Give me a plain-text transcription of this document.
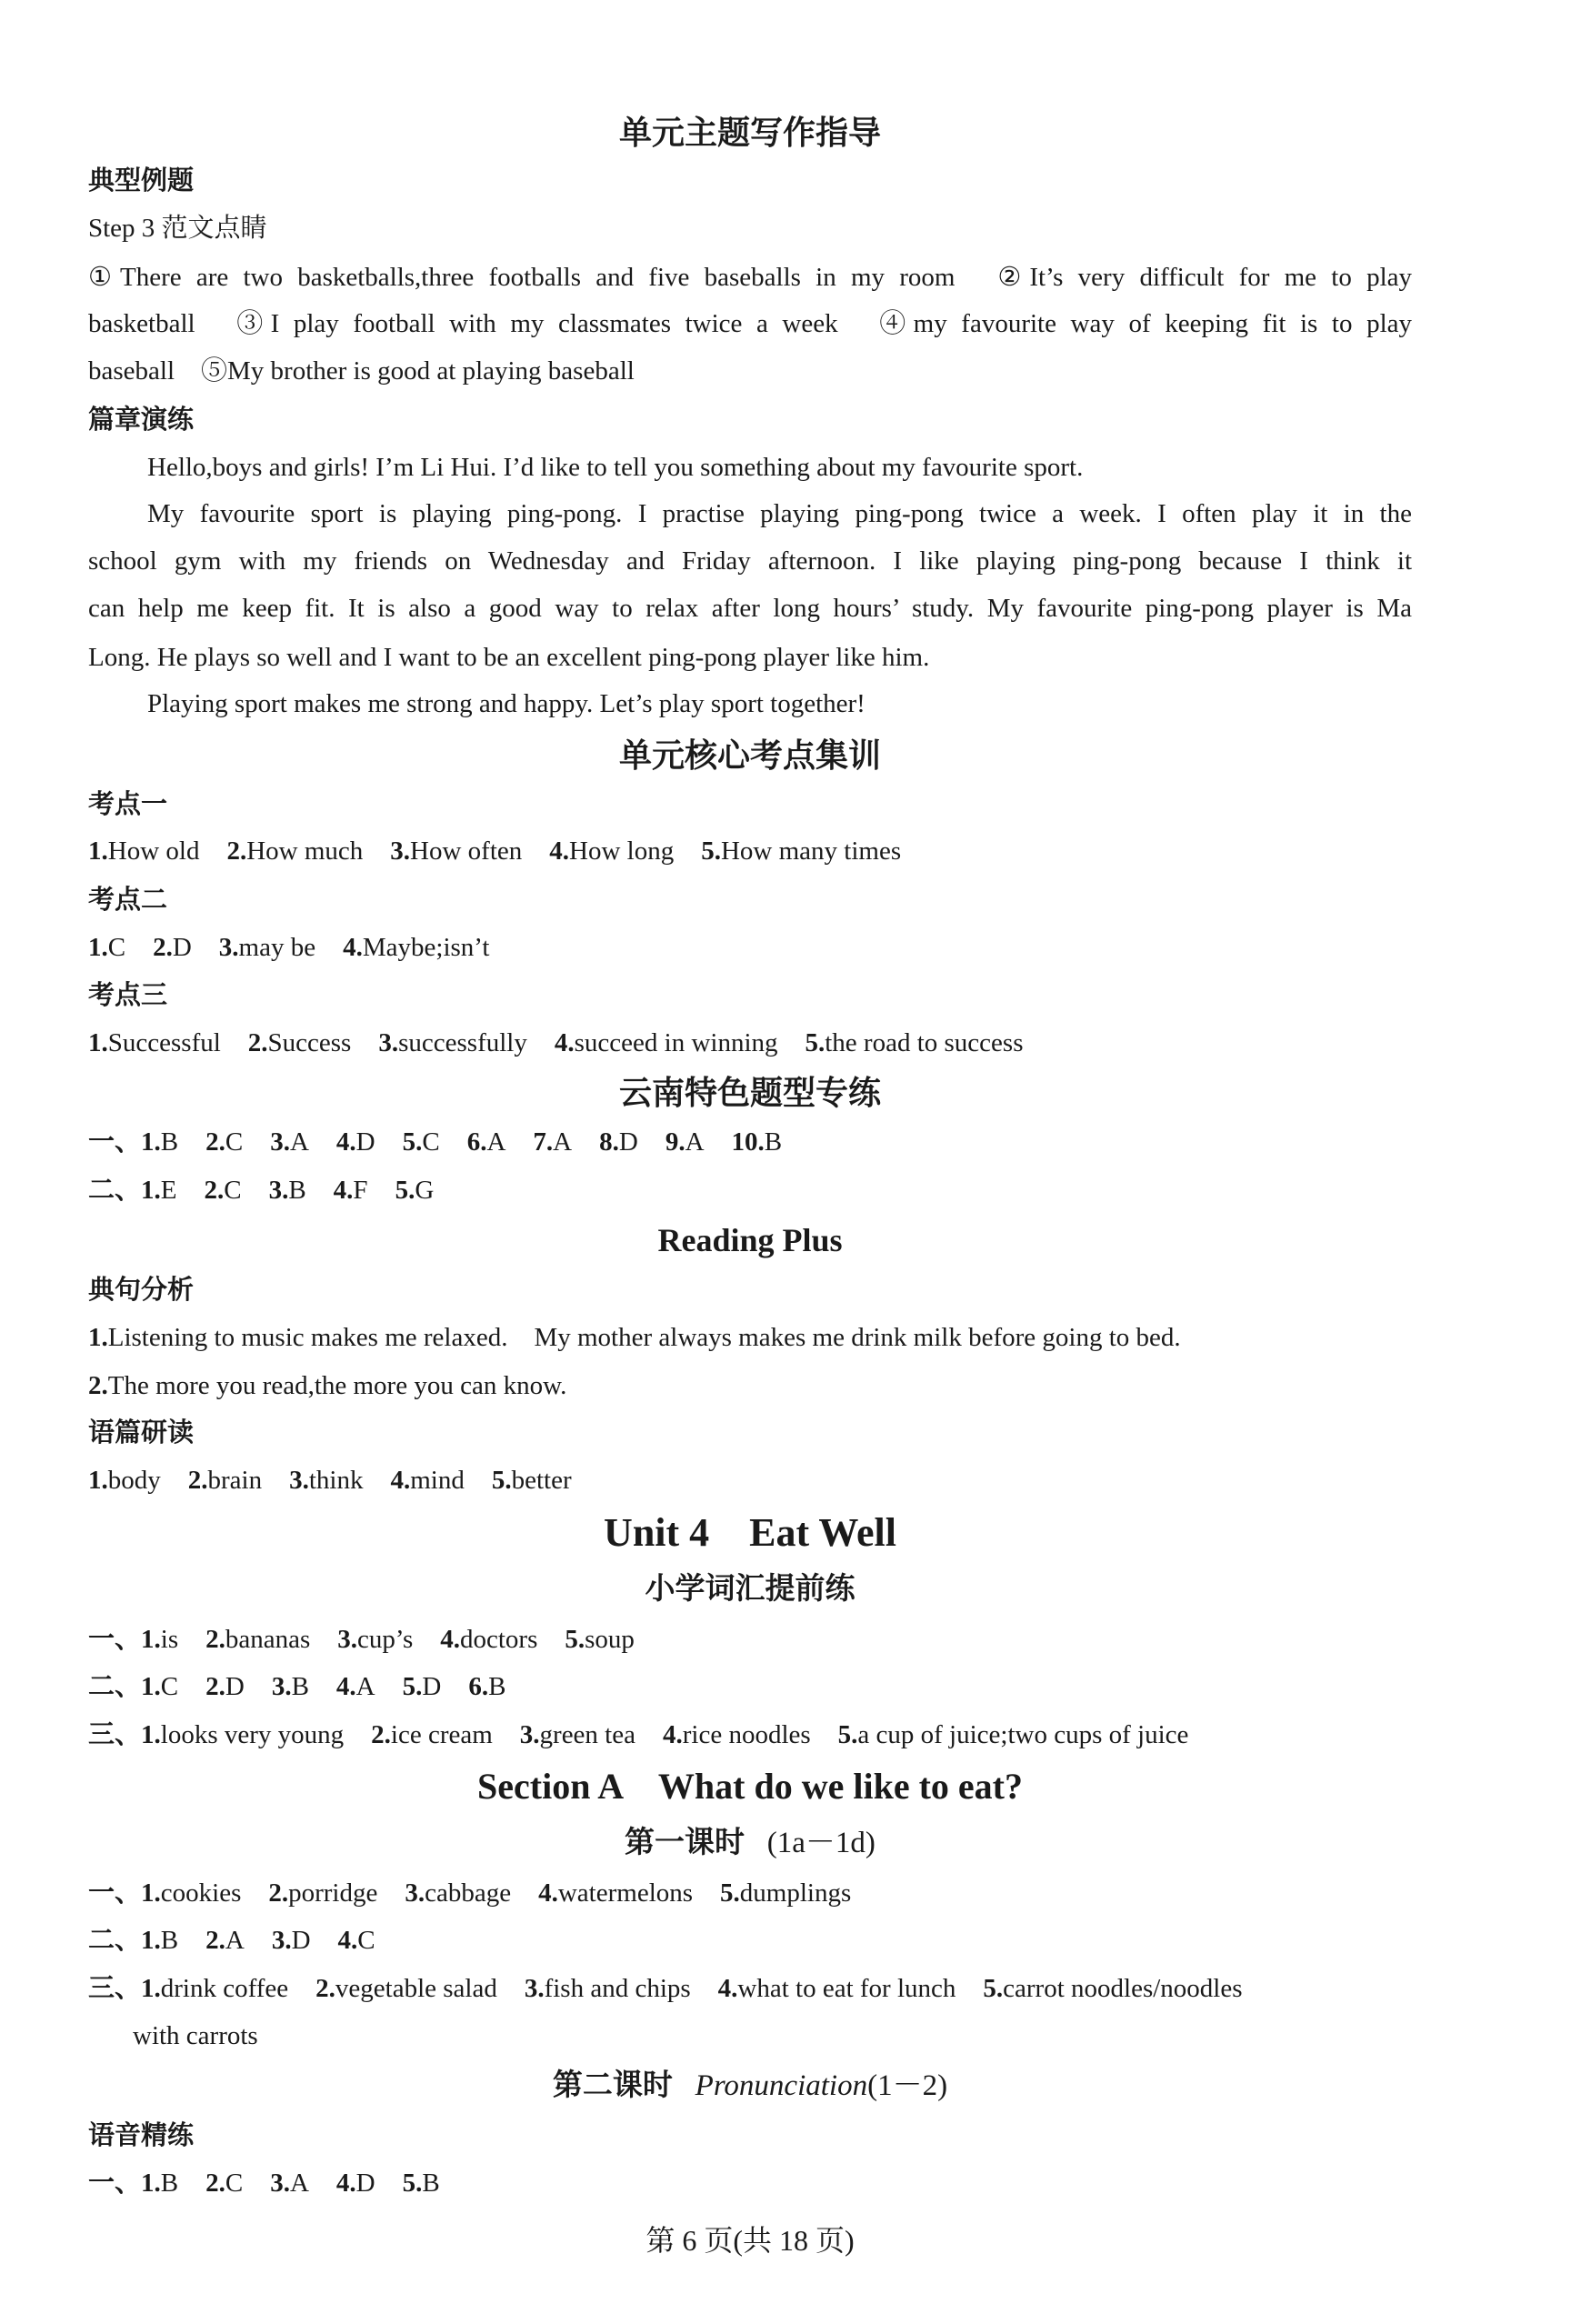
单元主题写作指导
典型例题
Step 3 范文点睛
①There are two basketballs,three footballs and five baseballs in my room　②It’s very difficult for me to play
basketball　③I play football with my classmates twice a week　④my favourite way of keeping fit is to play
baseball　⑤My brother is good at playing baseball
篇章演练
Hello,boys and girls! I’m Li Hui. I’d like to tell you something about my favourite sport.
My favourite sport is playing ping-pong. I practise playing ping-pong twice a week. I often play it in the
school gym with my friends on Wednesday and Friday afternoon. I like playing ping-pong because I think it
can help me keep fit. It is also a good way to relax after long hours’ study. My favourite ping-pong player is Ma
Long. He plays so well and I want to be an excellent ping-pong player like him.
Playing sport makes me strong and happy. Let’s play sport together!
单元核心考点集训
考点一
1.How old 2.How much 3.How often 4.How long 5.How many times
考点二
1.C 2.D 3.may be 4.Maybe;isn’t
考点三
1.Successful 2.Success 3.successfully 4.succeed in winning 5.the road to success
云南特色题型专练
一、1.B 2.C 3.A 4.D 5.C 6.A 7.A 8.D 9.A 10.B
二、1.E 2.C 3.B 4.F 5.G
Reading Plus
典句分析
1.Listening to music makes me relaxed.　My mother always makes me drink milk before going to bed.
2.The more you read,the more you can know.
语篇研读
1.body 2.brain 3.think 4.mind 5.better
Unit 4　Eat Well
小学词汇提前练
一、1.is 2.bananas 3.cup’s 4.doctors 5.soup
二、1.C 2.D 3.B 4.A 5.D 6.B
三、1.looks very young 2.ice cream 3.green tea 4.rice noodles 5.a cup of juice;two cups of juice
Section A　What do we like to eat?
第一课时 (1a－1d)
一、1.cookies 2.porridge 3.cabbage 4.watermelons 5.dumplings
二、1.B 2.A 3.D 4.C
三、1.drink coffee 2.vegetable salad 3.fish and chips 4.what to eat for lunch 5.carrot noodles/noodles
with carrots
第二课时 Pronunciation(1－2)
语音精练
一、1.B 2.C 3.A 4.D 5.B
第 6 页(共 18 页)
